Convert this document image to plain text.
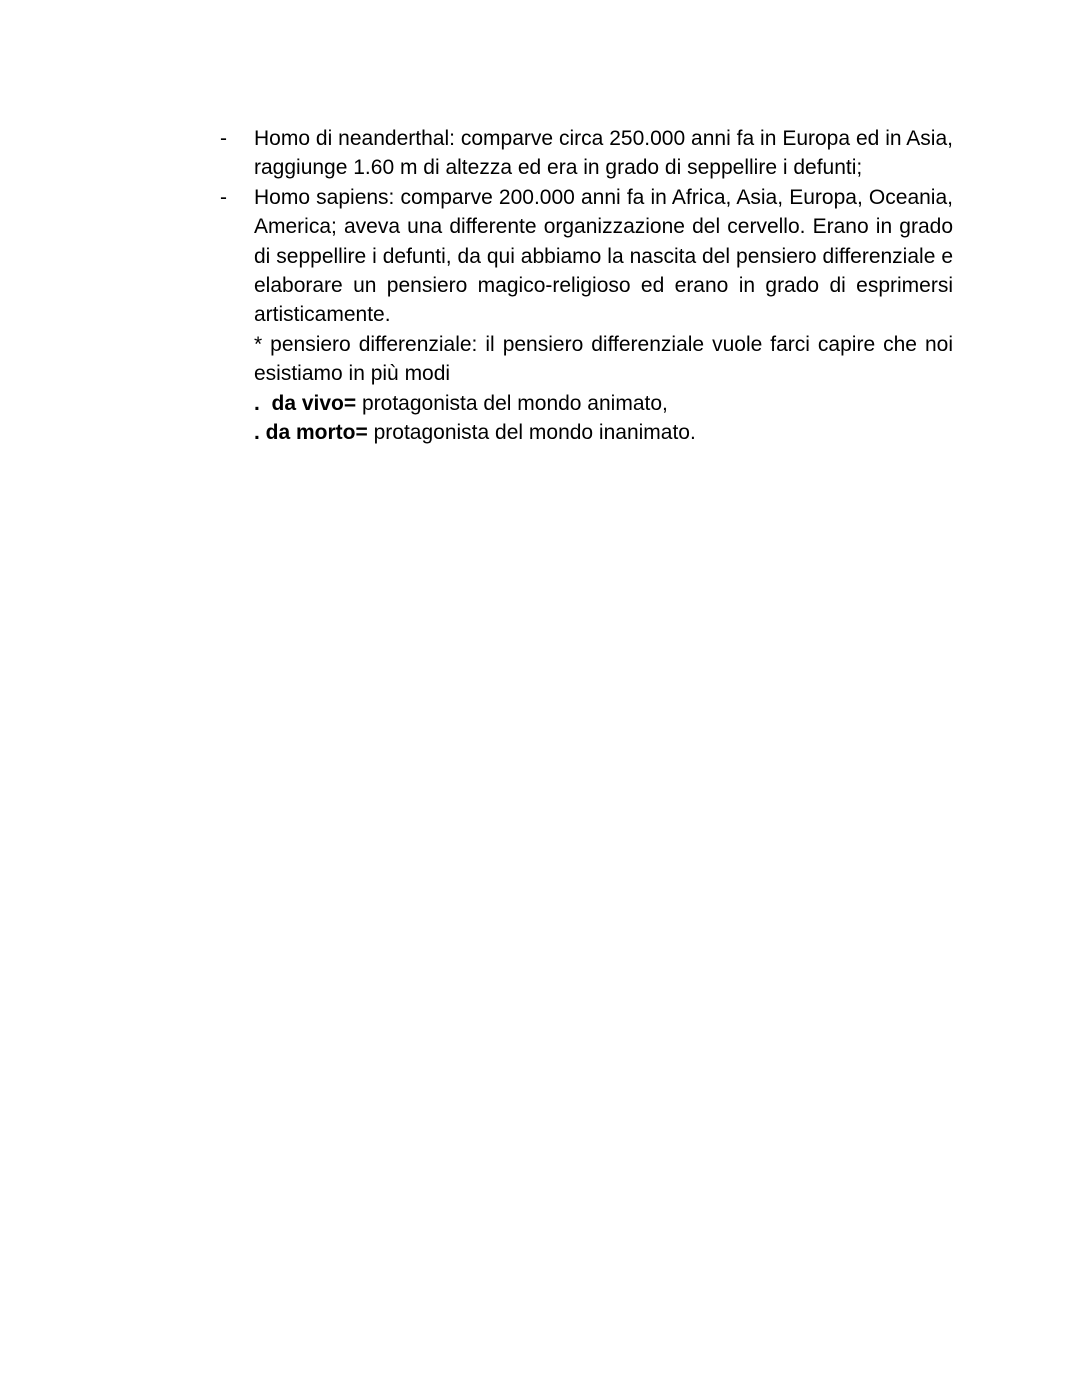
-	Homo di neanderthal: comparve circa 250.000 anni fa in Europa ed in Asia, raggiunge 1.60 m di altezza ed era in grado di seppellire i defunti;

-	Homo sapiens: comparve 200.000 anni fa in Africa, Asia, Europa, Oceania, America; aveva una differente organizzazione del cervello. Erano in grado di seppellire i defunti, da qui abbiamo la nascita del pensiero differenziale e elaborare un pensiero magico-religioso ed erano in grado di esprimersi artisticamente.

* pensiero differenziale: il pensiero differenziale vuole farci capire che noi esistiamo in più modi

.  da vivo= protagonista del mondo animato,

. da morto= protagonista del mondo inanimato.
